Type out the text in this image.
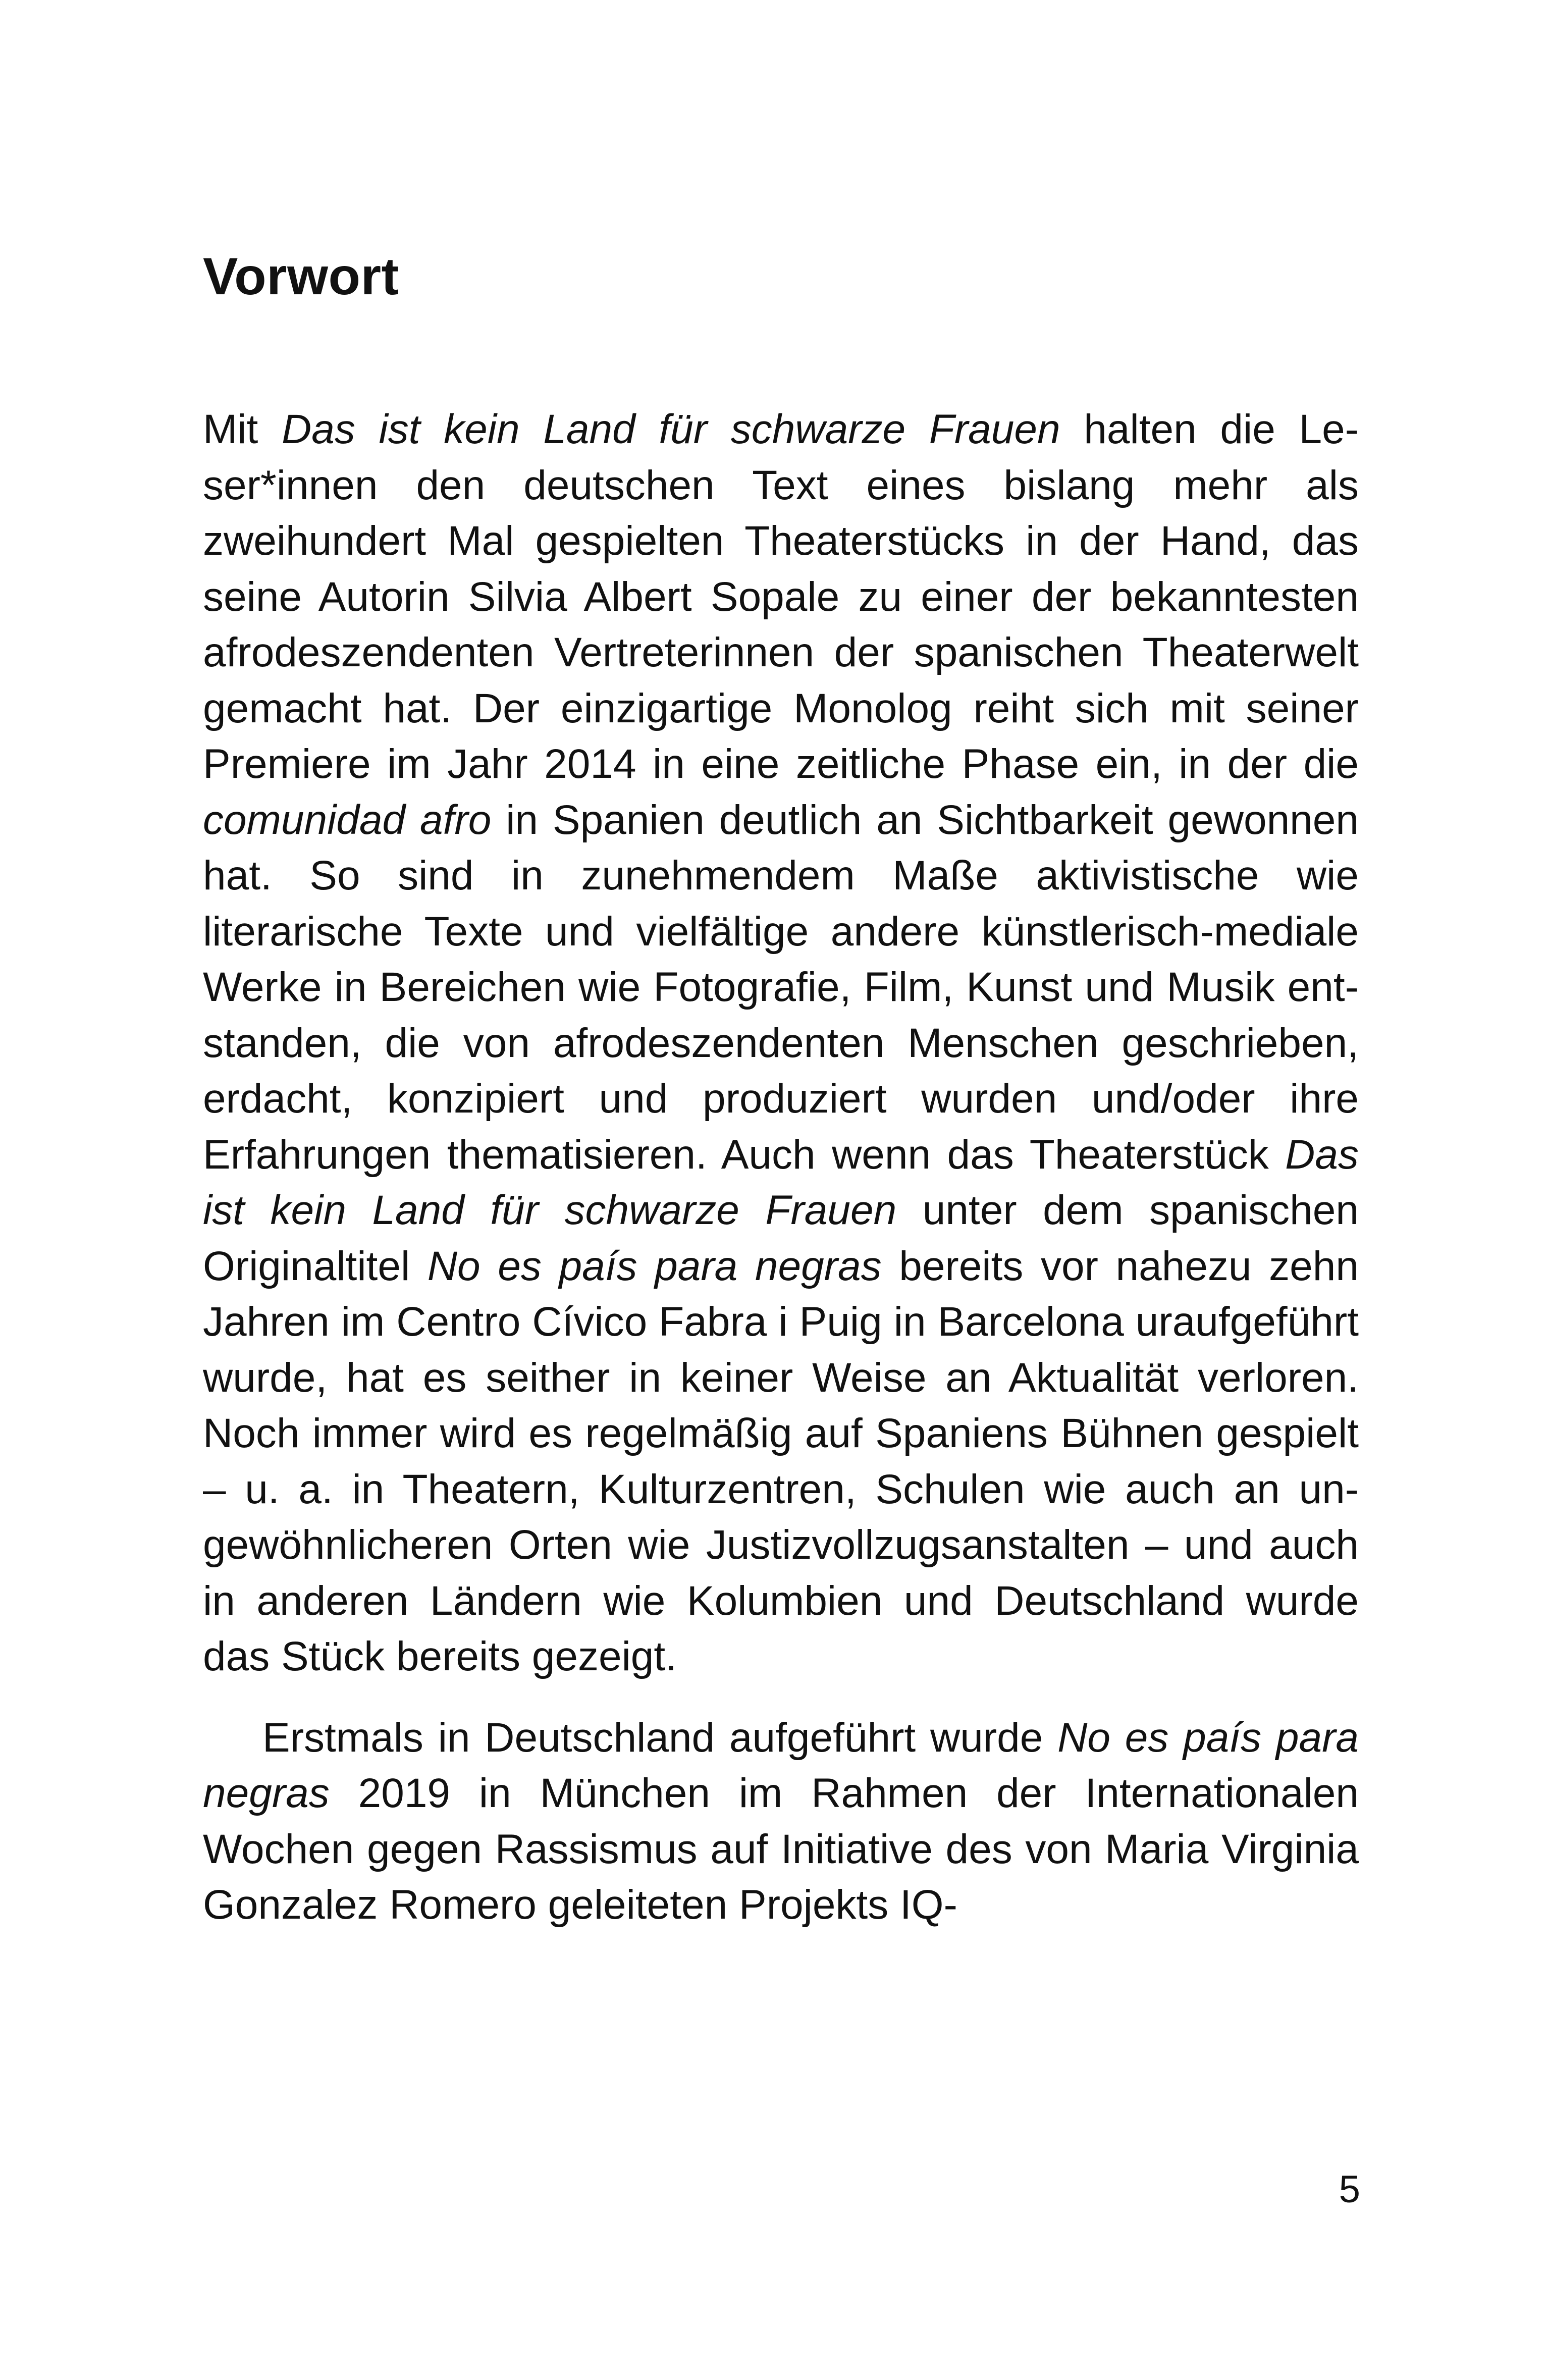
Vorwort

Mit Das ist kein Land für schwarze Frauen halten die Leser*innen den deutschen Text eines bislang mehr als zweihundert Mal gespielten Theaterstücks in der Hand, das seine Autorin Silvia Albert Sopale zu einer der bekanntesten afrodeszendenten Vertreterinnen der spanischen Theaterwelt gemacht hat. Der einzigartige Monolog reiht sich mit seiner Premiere im Jahr 2014 in eine zeitliche Phase ein, in der die comunidad afro in Spanien deutlich an Sichtbarkeit gewonnen hat. So sind in zunehmendem Maße aktivistische wie literarische Texte und vielfältige andere künstlerisch-mediale Werke in Bereichen wie Fotografie, Film, Kunst und Musik entstanden, die von afrodeszendenten Menschen geschrieben, erdacht, konzipiert und produziert wurden und/oder ihre Erfahrungen thematisieren. Auch wenn das Theaterstück Das ist kein Land für schwarze Frauen unter dem spanischen Originaltitel No es país para negras bereits vor nahezu zehn Jahren im Centro Cívico Fabra i Puig in Barcelona uraufgeführt wurde, hat es seither in keiner Weise an Aktualität verloren. Noch immer wird es regelmäßig auf Spaniens Bühnen gespielt – u. a. in Theatern, Kulturzentren, Schulen wie auch an ungewöhnlicheren Orten wie Justizvollzugsanstalten – und auch in anderen Ländern wie Kolumbien und Deutschland wurde das Stück bereits gezeigt.

Erstmals in Deutschland aufgeführt wurde No es país para negras 2019 in München im Rahmen der Internationalen Wochen gegen Rassismus auf Initiative des von Maria Virginia Gonzalez Romero geleiteten Projekts IQ-

5
